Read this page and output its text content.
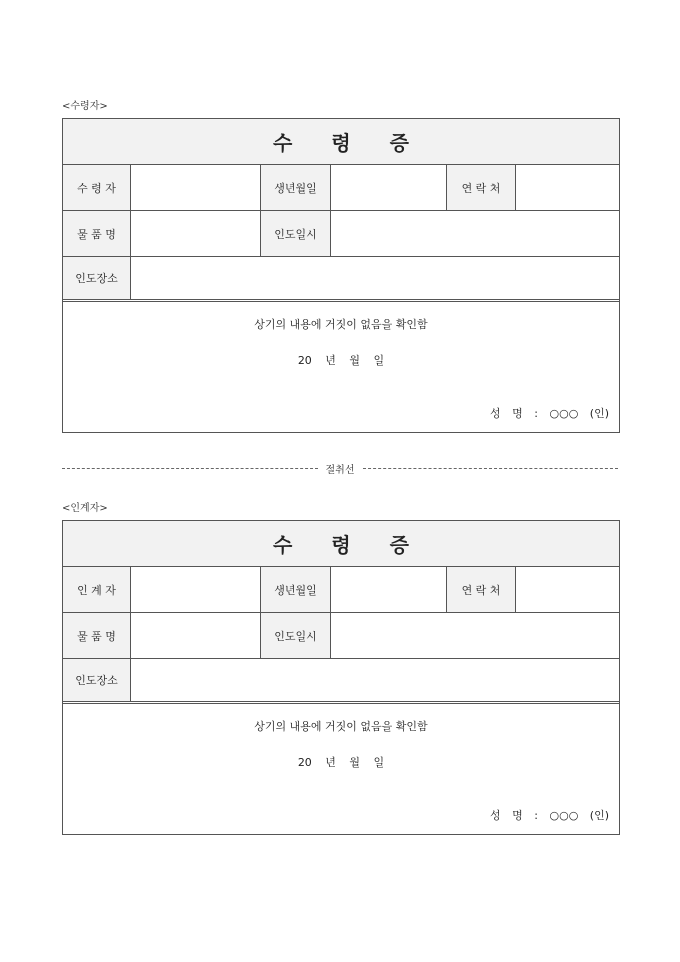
<수령자>
수 령 증
수 령 자	생년월일	연 락 처
물 품 명	인도일시
인도장소
상기의 내용에 거짓이 없음을 확인함
20 년 월 일
성 명 : ○○○ (인)
절취선
<인계자>
수 령 증
인 계 자	생년월일	연 락 처
물 품 명	인도일시
인도장소
상기의 내용에 거짓이 없음을 확인함
20 년 월 일
성 명 : ○○○ (인)
